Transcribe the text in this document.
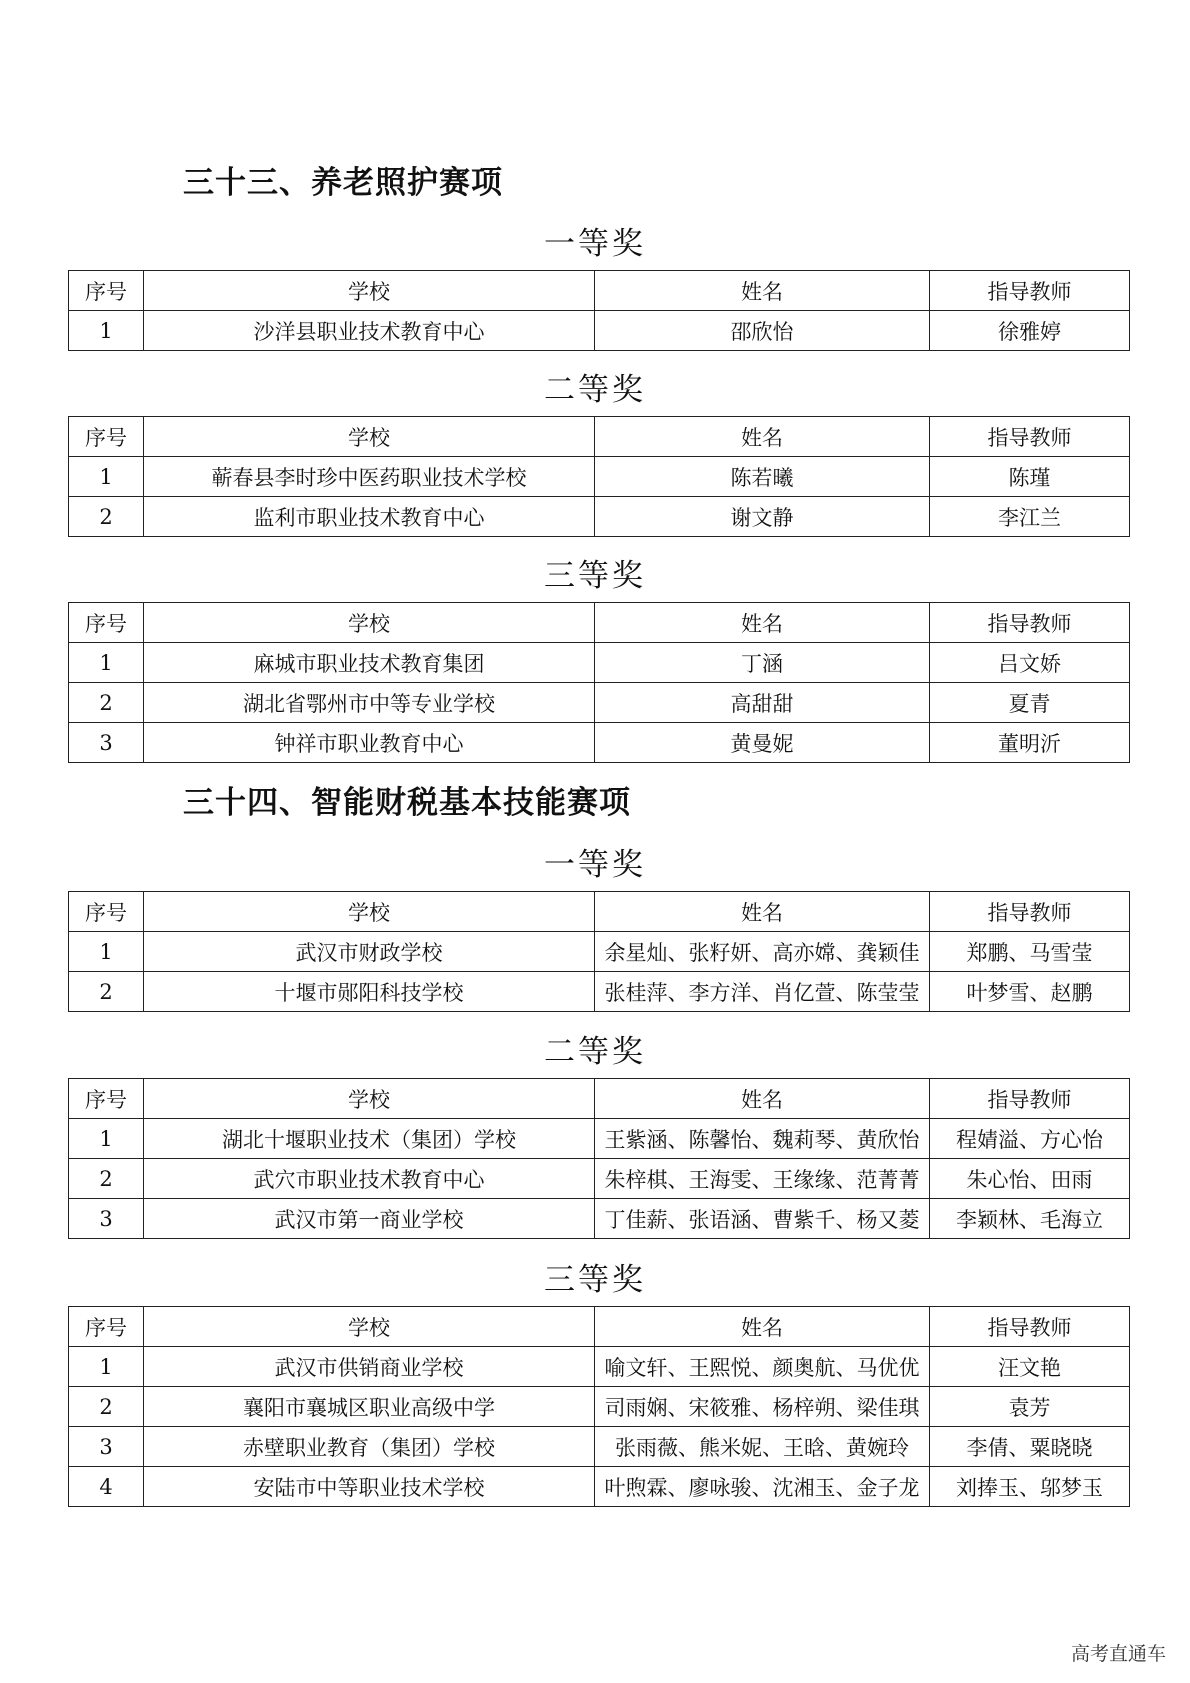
三十三、养老照护赛项
一等奖
序号	学校	姓名	指导教师
1	沙洋县职业技术教育中心	邵欣怡	徐雅婷
二等奖
序号	学校	姓名	指导教师
1	蕲春县李时珍中医药职业技术学校	陈若曦	陈瑾
2	监利市职业技术教育中心	谢文静	李江兰
三等奖
序号	学校	姓名	指导教师
1	麻城市职业技术教育集团	丁涵	吕文娇
2	湖北省鄂州市中等专业学校	高甜甜	夏青
3	钟祥市职业教育中心	黄曼妮	董明沂
三十四、智能财税基本技能赛项
一等奖
序号	学校	姓名	指导教师
1	武汉市财政学校	余星灿、张籽妍、高亦嫦、龚颖佳	郑鹏、马雪莹
2	十堰市郧阳科技学校	张桂萍、李方洋、肖亿萱、陈莹莹	叶梦雪、赵鹏
二等奖
序号	学校	姓名	指导教师
1	湖北十堰职业技术（集团）学校	王紫涵、陈馨怡、魏莉琴、黄欣怡	程婧溢、方心怡
2	武穴市职业技术教育中心	朱梓棋、王海雯、王缘缘、范菁菁	朱心怡、田雨
3	武汉市第一商业学校	丁佳薪、张语涵、曹紫千、杨又菱	李颖林、毛海立
三等奖
序号	学校	姓名	指导教师
1	武汉市供销商业学校	喻文轩、王熙悦、颜奥航、马优优	汪文艳
2	襄阳市襄城区职业高级中学	司雨娴、宋筱雅、杨梓朔、梁佳琪	袁芳
3	赤壁职业教育（集团）学校	张雨薇、熊米妮、王晗、黄婉玲	李倩、粟晓晓
4	安陆市中等职业技术学校	叶煦霖、廖咏骏、沈湘玉、金子龙	刘捧玉、邬梦玉
高考直通车
